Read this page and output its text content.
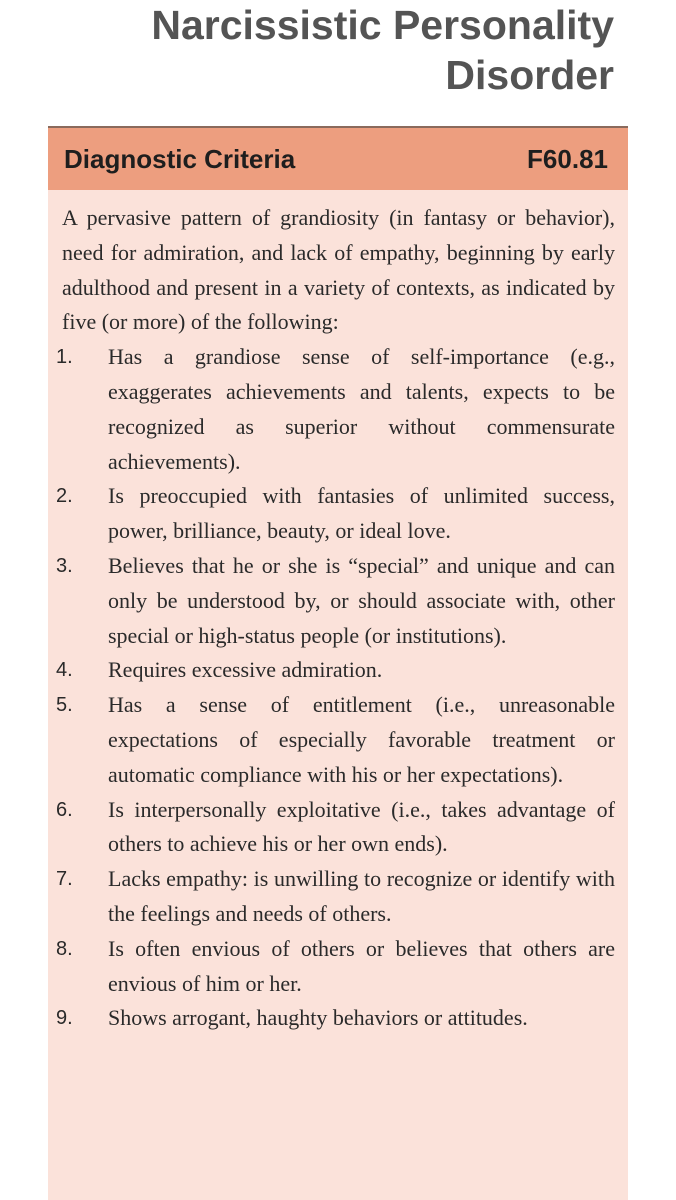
Narcissistic Personality Disorder
Diagnostic Criteria	F60.81

A pervasive pattern of grandiosity (in fantasy or behavior), need for admiration, and lack of empathy, beginning by early adulthood and present in a variety of contexts, as indicated by five (or more) of the following:

1. Has a grandiose sense of self-importance (e.g., exaggerates achievements and talents, expects to be recognized as superior without commensurate achievements).
2. Is preoccupied with fantasies of unlimited success, power, brilliance, beauty, or ideal love.
3. Believes that he or she is “special” and unique and can only be understood by, or should associate with, other special or high-status people (or institutions).
4. Requires excessive admiration.
5. Has a sense of entitlement (i.e., unreasonable expectations of especially favorable treatment or automatic compliance with his or her expectations).
6. Is interpersonally exploitative (i.e., takes advantage of others to achieve his or her own ends).
7. Lacks empathy: is unwilling to recognize or identify with the feelings and needs of others.
8. Is often envious of others or believes that others are envious of him or her.
9. Shows arrogant, haughty behaviors or attitudes.
